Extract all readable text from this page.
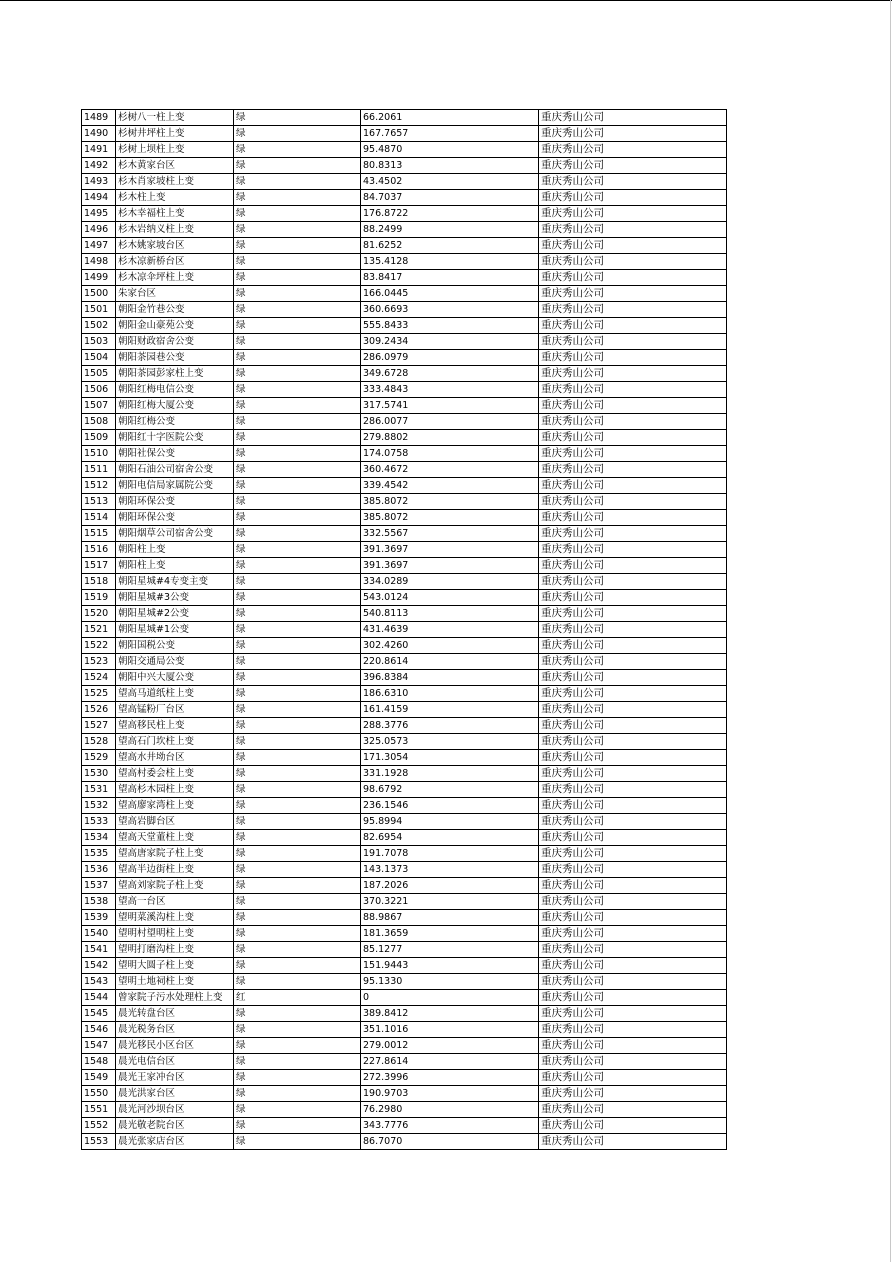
1489	杉树八一柱上变	绿	66.2061	重庆秀山公司
1490	杉树井坪柱上变	绿	167.7657	重庆秀山公司
1491	杉树上坝柱上变	绿	95.4870	重庆秀山公司
1492	杉木黄家台区	绿	80.8313	重庆秀山公司
1493	杉木肖家坡柱上变	绿	43.4502	重庆秀山公司
1494	杉木柱上变	绿	84.7037	重庆秀山公司
1495	杉木幸福柱上变	绿	176.8722	重庆秀山公司
1496	杉木岩纳义柱上变	绿	88.2499	重庆秀山公司
1497	杉木姚家坡台区	绿	81.6252	重庆秀山公司
1498	杉木凉新桥台区	绿	135.4128	重庆秀山公司
1499	杉木凉伞坪柱上变	绿	83.8417	重庆秀山公司
1500	朱家台区	绿	166.0445	重庆秀山公司
1501	朝阳金竹巷公变	绿	360.6693	重庆秀山公司
1502	朝阳金山豪苑公变	绿	555.8433	重庆秀山公司
1503	朝阳财政宿舍公变	绿	309.2434	重庆秀山公司
1504	朝阳茶园巷公变	绿	286.0979	重庆秀山公司
1505	朝阳茶园彭家柱上变	绿	349.6728	重庆秀山公司
1506	朝阳红梅电信公变	绿	333.4843	重庆秀山公司
1507	朝阳红梅大厦公变	绿	317.5741	重庆秀山公司
1508	朝阳红梅公变	绿	286.0077	重庆秀山公司
1509	朝阳红十字医院公变	绿	279.8802	重庆秀山公司
1510	朝阳社保公变	绿	174.0758	重庆秀山公司
1511	朝阳石油公司宿舍公变	绿	360.4672	重庆秀山公司
1512	朝阳电信局家属院公变	绿	339.4542	重庆秀山公司
1513	朝阳环保公变	绿	385.8072	重庆秀山公司
1514	朝阳环保公变	绿	385.8072	重庆秀山公司
1515	朝阳烟草公司宿舍公变	绿	332.5567	重庆秀山公司
1516	朝阳柱上变	绿	391.3697	重庆秀山公司
1517	朝阳柱上变	绿	391.3697	重庆秀山公司
1518	朝阳星城#4专变主变	绿	334.0289	重庆秀山公司
1519	朝阳星城#3公变	绿	543.0124	重庆秀山公司
1520	朝阳星城#2公变	绿	540.8113	重庆秀山公司
1521	朝阳星城#1公变	绿	431.4639	重庆秀山公司
1522	朝阳国税公变	绿	302.4260	重庆秀山公司
1523	朝阳交通局公变	绿	220.8614	重庆秀山公司
1524	朝阳中兴大厦公变	绿	396.8384	重庆秀山公司
1525	望高马道纸柱上变	绿	186.6310	重庆秀山公司
1526	望高锰粉厂台区	绿	161.4159	重庆秀山公司
1527	望高移民柱上变	绿	288.3776	重庆秀山公司
1528	望高石门坎柱上变	绿	325.0573	重庆秀山公司
1529	望高水井坳台区	绿	171.3054	重庆秀山公司
1530	望高村委会柱上变	绿	331.1928	重庆秀山公司
1531	望高杉木园柱上变	绿	98.6792	重庆秀山公司
1532	望高廖家湾柱上变	绿	236.1546	重庆秀山公司
1533	望高岩脚台区	绿	95.8994	重庆秀山公司
1534	望高天堂董柱上变	绿	82.6954	重庆秀山公司
1535	望高唐家院子柱上变	绿	191.7078	重庆秀山公司
1536	望高半边街柱上变	绿	143.1373	重庆秀山公司
1537	望高刘家院子柱上变	绿	187.2026	重庆秀山公司
1538	望高一台区	绿	370.3221	重庆秀山公司
1539	望明菜溪沟柱上变	绿	88.9867	重庆秀山公司
1540	望明村望明柱上变	绿	181.3659	重庆秀山公司
1541	望明打磨沟柱上变	绿	85.1277	重庆秀山公司
1542	望明大圆子柱上变	绿	151.9443	重庆秀山公司
1543	望明土地祠柱上变	绿	95.1330	重庆秀山公司
1544	曾家院子污水处理柱上变	红	0	重庆秀山公司
1545	晨光转盘台区	绿	389.8412	重庆秀山公司
1546	晨光税务台区	绿	351.1016	重庆秀山公司
1547	晨光移民小区台区	绿	279.0012	重庆秀山公司
1548	晨光电信台区	绿	227.8614	重庆秀山公司
1549	晨光王家冲台区	绿	272.3996	重庆秀山公司
1550	晨光洪家台区	绿	190.9703	重庆秀山公司
1551	晨光河沙坝台区	绿	76.2980	重庆秀山公司
1552	晨光敬老院台区	绿	343.7776	重庆秀山公司
1553	晨光张家店台区	绿	86.7070	重庆秀山公司
